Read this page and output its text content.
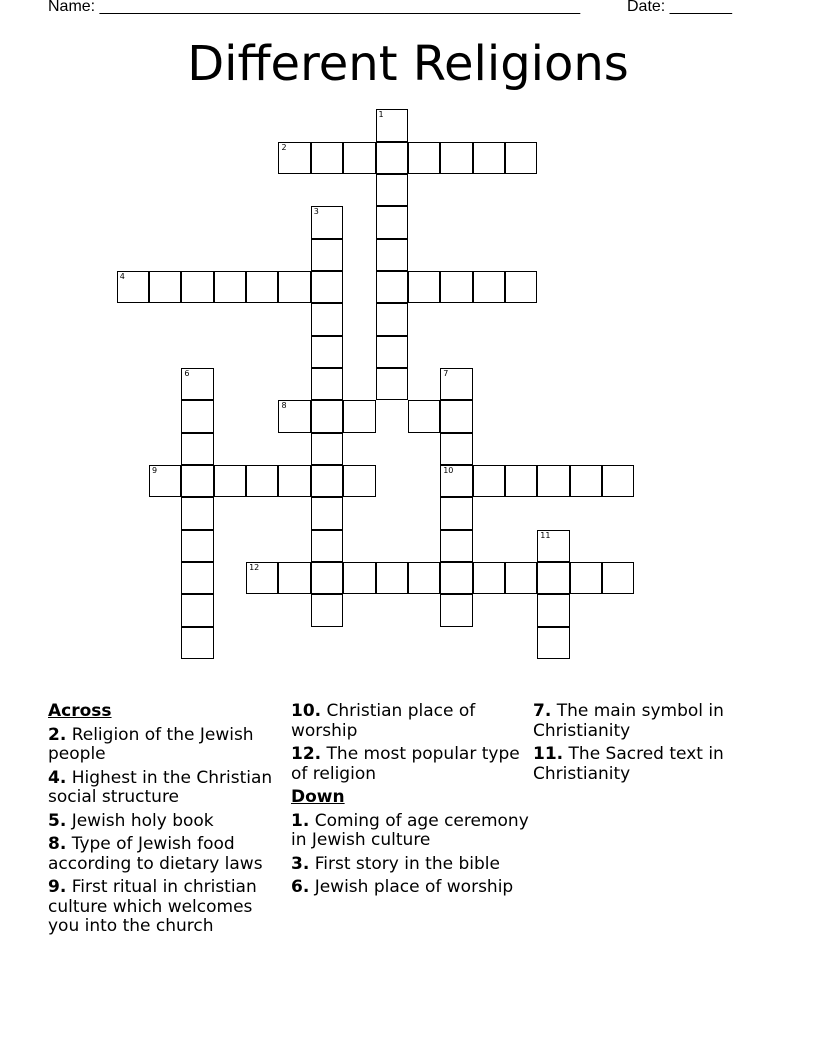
Name: ______________________________________________________	Date: _______
Different Religions
1
2
3
4
6	7
10
8
9
11
12
Across
2. Religion of the Jewish people
4. Highest in the Christian social structure
5. Jewish holy book
8. Type of Jewish food according to dietary laws
9. First ritual in christian culture which welcomes you into the church
10. Christian place of worship
12. The most popular type of religion
Down
1. Coming of age ceremony in Jewish culture
3. First story in the bible
6. Jewish place of worship
7. The main symbol in Christianity
11. The Sacred text in Christianity
